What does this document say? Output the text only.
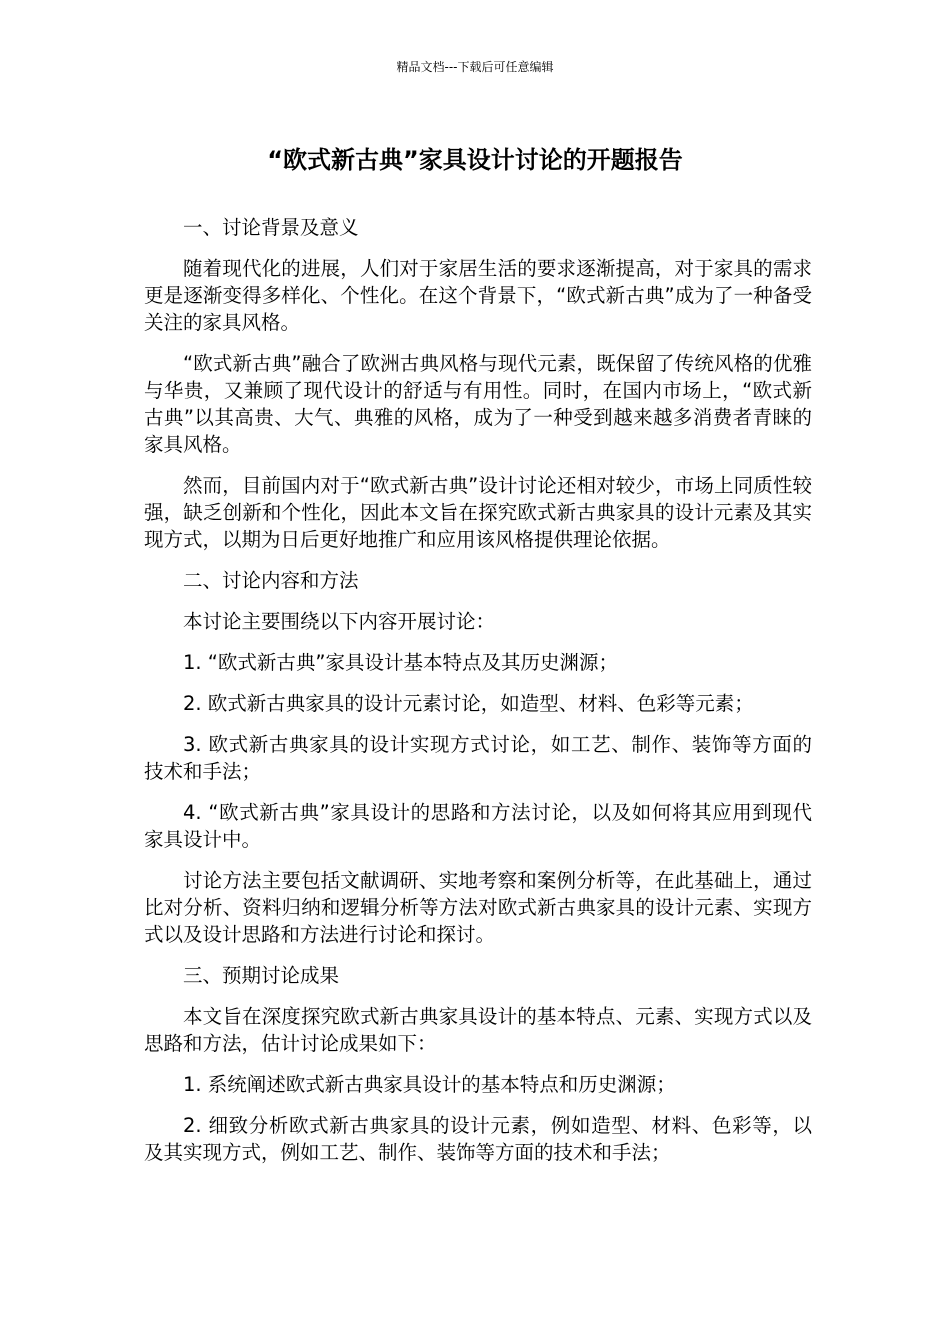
精品文档---下载后可任意编辑
“欧式新古典”家具设计讨论的开题报告

一、讨论背景及意义

随着现代化的进展，人们对于家居生活的要求逐渐提高，对于家具的需求更是逐渐变得多样化、个性化。在这个背景下，“欧式新古典”成为了一种备受关注的家具风格。

“欧式新古典”融合了欧洲古典风格与现代元素，既保留了传统风格的优雅与华贵，又兼顾了现代设计的舒适与有用性。同时，在国内市场上，“欧式新古典”以其高贵、大气、典雅的风格，成为了一种受到越来越多消费者青睐的家具风格。

然而，目前国内对于“欧式新古典”设计讨论还相对较少，市场上同质性较强，缺乏创新和个性化，因此本文旨在探究欧式新古典家具的设计元素及其实现方式，以期为日后更好地推广和应用该风格提供理论依据。

二、讨论内容和方法

本讨论主要围绕以下内容开展讨论：

1. “欧式新古典”家具设计基本特点及其历史渊源；

2. 欧式新古典家具的设计元素讨论，如造型、材料、色彩等元素；

3. 欧式新古典家具的设计实现方式讨论，如工艺、制作、装饰等方面的技术和手法；

4. “欧式新古典”家具设计的思路和方法讨论，以及如何将其应用到现代家具设计中。

讨论方法主要包括文献调研、实地考察和案例分析等，在此基础上，通过比对分析、资料归纳和逻辑分析等方法对欧式新古典家具的设计元素、实现方式以及设计思路和方法进行讨论和探讨。

三、预期讨论成果

本文旨在深度探究欧式新古典家具设计的基本特点、元素、实现方式以及思路和方法，估计讨论成果如下：

1. 系统阐述欧式新古典家具设计的基本特点和历史渊源；

2. 细致分析欧式新古典家具的设计元素，例如造型、材料、色彩等，以及其实现方式，例如工艺、制作、装饰等方面的技术和手法；
